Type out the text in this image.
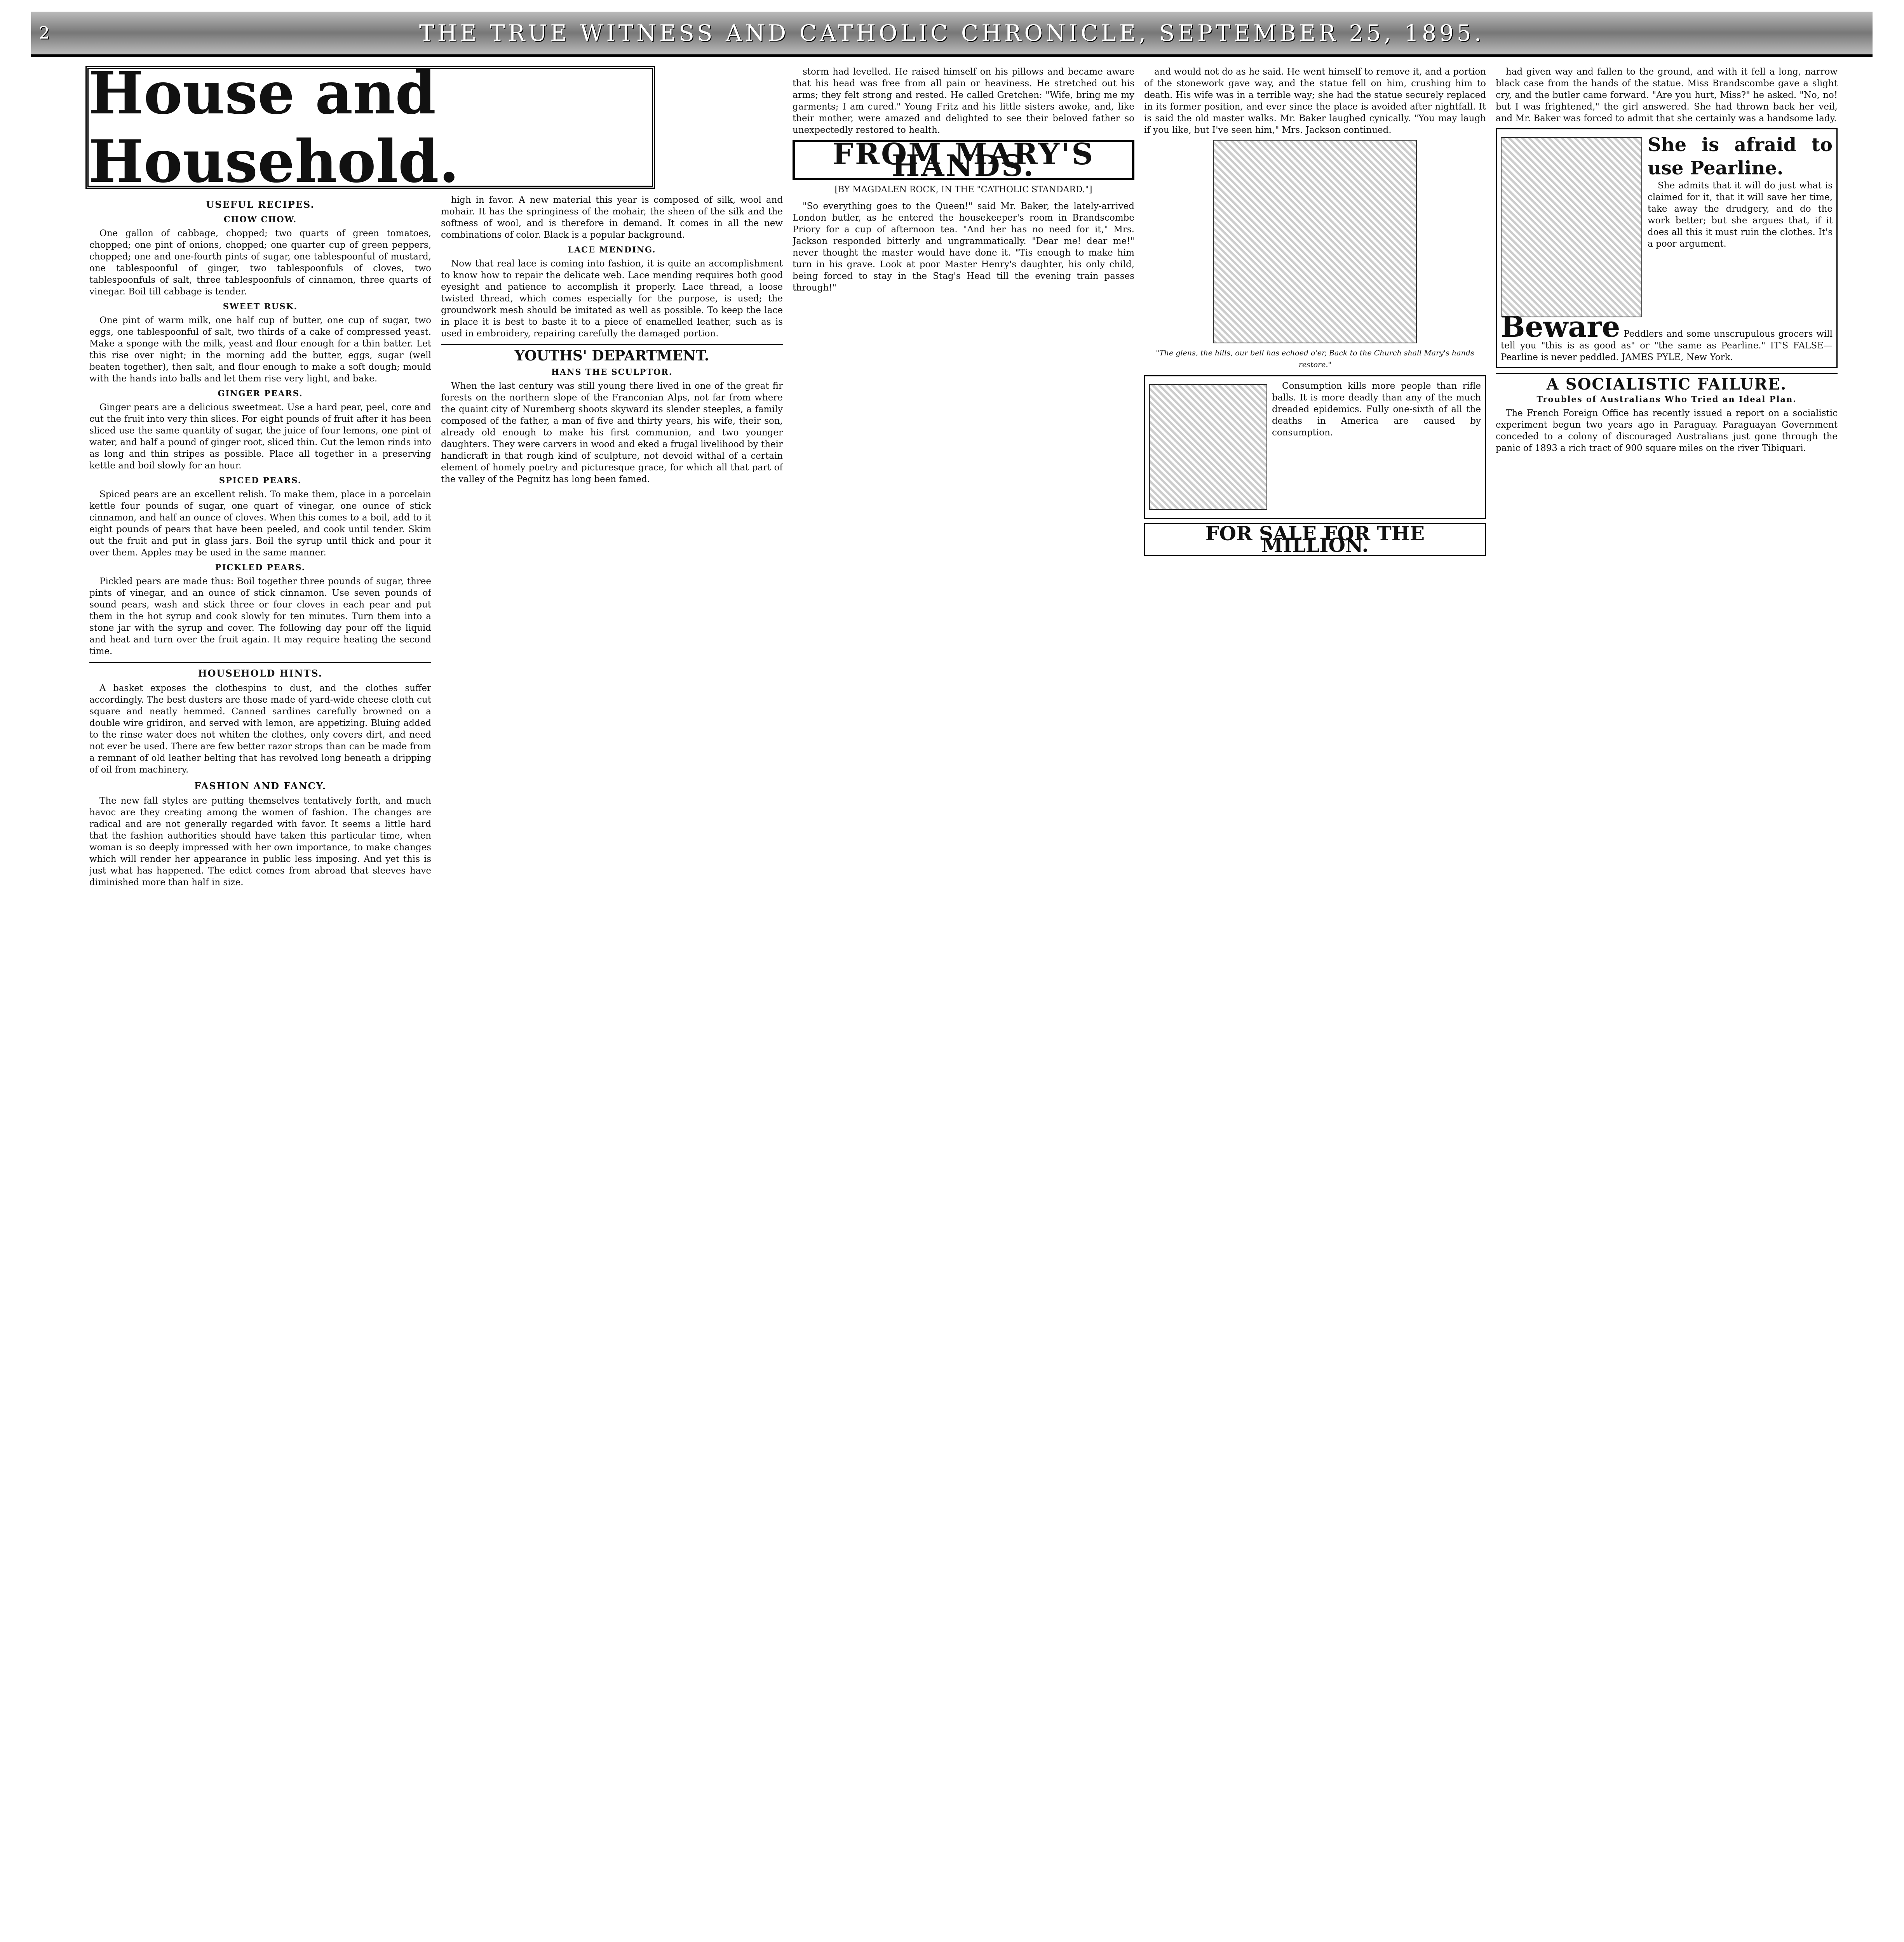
2	THE TRUE WITNESS AND CATHOLIC CHRONICLE, SEPTEMBER 25, 1895.
House and Household.
USEFUL RECIPES.
CHOW CHOW.

One gallon of cabbage, chopped; two quarts of green tomatoes, chopped; one pint of onions, chopped; one quarter cup of green peppers, chopped; one and one-fourth pints of sugar, one tablespoonful of mustard, one tablespoonful of ginger, two tablespoonfuls of cloves, two tablespoonfuls of salt, three tablespoonfuls of cinnamon, three quarts of vinegar. Boil till cabbage is tender.

SWEET RUSK.

One pint of warm milk, one half cup of butter, one cup of sugar, two eggs, one tablespoonful of salt, two thirds of a cake of compressed yeast. Make a sponge with the milk, yeast and flour enough for a thin batter. Let this rise over night; in the morning add the butter, eggs, sugar (well beaten together), then salt, and flour enough to make a soft dough; mould with the hands into balls and let them rise very light, and bake.

GINGER PEARS.

Ginger pears are a delicious sweetmeat. Use a hard pear, peel, core and cut the fruit into very thin slices. For eight pounds of fruit after it has been sliced use the same quantity of sugar, the juice of four lemons, one pint of water, and half a pound of ginger root, sliced thin. Cut the lemon rinds into as long and thin stripes as possible. Place all together in a preserving kettle and boil slowly for an hour.

SPICED PEARS.

Spiced pears are an excellent relish. To make them, place in a porcelain kettle four pounds of sugar, one quart of vinegar, one ounce of stick cinnamon, and half an ounce of cloves. When this comes to a boil, add to it eight pounds of pears that have been peeled, and cook until tender. Skim out the fruit and put in glass jars. Boil the syrup until thick and pour it over them. Apples may be used in the same manner.

PICKLED PEARS.

Pickled pears are made thus: Boil together three pounds of sugar, three pints of vinegar, and an ounce of stick cinnamon. Use seven pounds of sound pears, wash and stick three or four cloves in each pear and put them in the hot syrup and cook slowly for ten minutes. Turn them into a stone jar with the syrup and cover. The following day pour off the liquid and heat and turn over the fruit again. It may require heating the second time.

HOUSEHOLD HINTS.

A basket exposes the clothespins to dust, and the clothes suffer accordingly. The best dusters are those made of yard-wide cheese cloth cut square and neatly hemmed. Canned sardines carefully browned on a double wire gridiron, and served with lemon, are appetizing. Bluing added to the rinse water does not whiten the clothes, only covers dirt, and need not ever be used. There are few better razor strops than can be made from a remnant of old leather belting that has revolved long beneath a dripping of oil from machinery.

FASHION AND FANCY.

The new fall styles are putting themselves tentatively forth, and much havoc are they creating among the women of fashion. The changes are radical and are not generally regarded with favor. It seems a little hard that the fashion authorities should have taken this particular time, when woman is so deeply impressed with her own importance, to make changes which will render her appearance in public less imposing. And yet this is just what has happened. The edict comes from abroad that sleeves have diminished more than half in size.

high in favor. A new material this year is composed of silk, wool and mohair. It has the springiness of the mohair, the sheen of the silk and the softness of wool, and is therefore in demand. It comes in all the new combinations of color. Black is a popular background.

LACE MENDING.

Now that real lace is coming into fashion, it is quite an accomplishment to know how to repair the delicate web. Lace mending requires both good eyesight and patience to accomplish it properly. Lace thread, a loose twisted thread, which comes especially for the purpose, is used; the groundwork mesh should be imitated as well as possible. To keep the lace in place it is best to baste it to a piece of enamelled leather, such as is used in embroidery, repairing carefully the damaged portion.

YOUTHS' DEPARTMENT.
HANS THE SCULPTOR.

When the last century was still young there lived in one of the great fir forests on the northern slope of the Franconian Alps, not far from where the quaint city of Nuremberg shoots skyward its slender steeples, a family composed of the father, a man of five and thirty years, his wife, their son, already old enough to make his first communion, and two younger daughters. They were carvers in wood and eked a frugal livelihood by their handicraft in that rough kind of sculpture, not devoid withal of a certain element of homely poetry and picturesque grace, for which all that part of the valley of the Pegnitz has long been famed.

storm had levelled. He raised himself on his pillows and became aware that his head was free from all pain or heaviness. He stretched out his arms; they felt strong and rested. He called Gretchen: "Wife, bring me my garments; I am cured." Young Fritz and his little sisters awoke, and, like their mother, were amazed and delighted to see their beloved father so unexpectedly restored to health.

FROM MARY'S HANDS.
[BY MAGDALEN ROCK, IN THE "CATHOLIC STANDARD."]

"So everything goes to the Queen!" said Mr. Baker, the lately-arrived London butler, as he entered the housekeeper's room in Brandscombe Priory for a cup of afternoon tea. "And her has no need for it," Mrs. Jackson responded bitterly and ungrammatically. "Dear me! dear me!" never thought the master would have done it. "Tis enough to make him turn in his grave. Look at poor Master Henry's daughter, his only child, being forced to stay in the Stag's Head till the evening train passes through!"

and would not do as he said. He went himself to remove it, and a portion of the stonework gave way, and the statue fell on him, crushing him to death. His wife was in a terrible way; she had the statue securely replaced in its former position, and ever since the place is avoided after nightfall. It is said the old master walks. Mr. Baker laughed cynically. "You may laugh if you like, but I've seen him," Mrs. Jackson continued.

"The glens, the hills, our bell has echoed o'er, Back to the Church shall Mary's hands restore."

Consumption kills more people than rifle balls. It is more deadly than any of the much dreaded epidemics. Fully one-sixth of all the deaths in America are caused by consumption.

FOR SALE FOR THE MILLION.

had given way and fallen to the ground, and with it fell a long, narrow black case from the hands of the statue. Miss Brandscombe gave a slight cry, and the butler came forward. "Are you hurt, Miss?" he asked. "No, no! but I was frightened," the girl answered. She had thrown back her veil, and Mr. Baker was forced to admit that she certainly was a handsome lady.

She is afraid to use Pearline.

She admits that it will do just what is claimed for it, that it will save her time, take away the drudgery, and do the work better; but she argues that, if it does all this it must ruin the clothes. It's a poor argument.

Beware Peddlers and some unscrupulous grocers will tell you "this is as good as" or "the same as Pearline." IT'S FALSE—Pearline is never peddled. JAMES PYLE, New York.
A SOCIALISTIC FAILURE.
Troubles of Australians Who Tried an Ideal Plan.

The French Foreign Office has recently issued a report on a socialistic experiment begun two years ago in Paraguay. Paraguayan Government conceded to a colony of discouraged Australians just gone through the panic of 1893 a rich tract of 900 square miles on the river Tibiquari.
